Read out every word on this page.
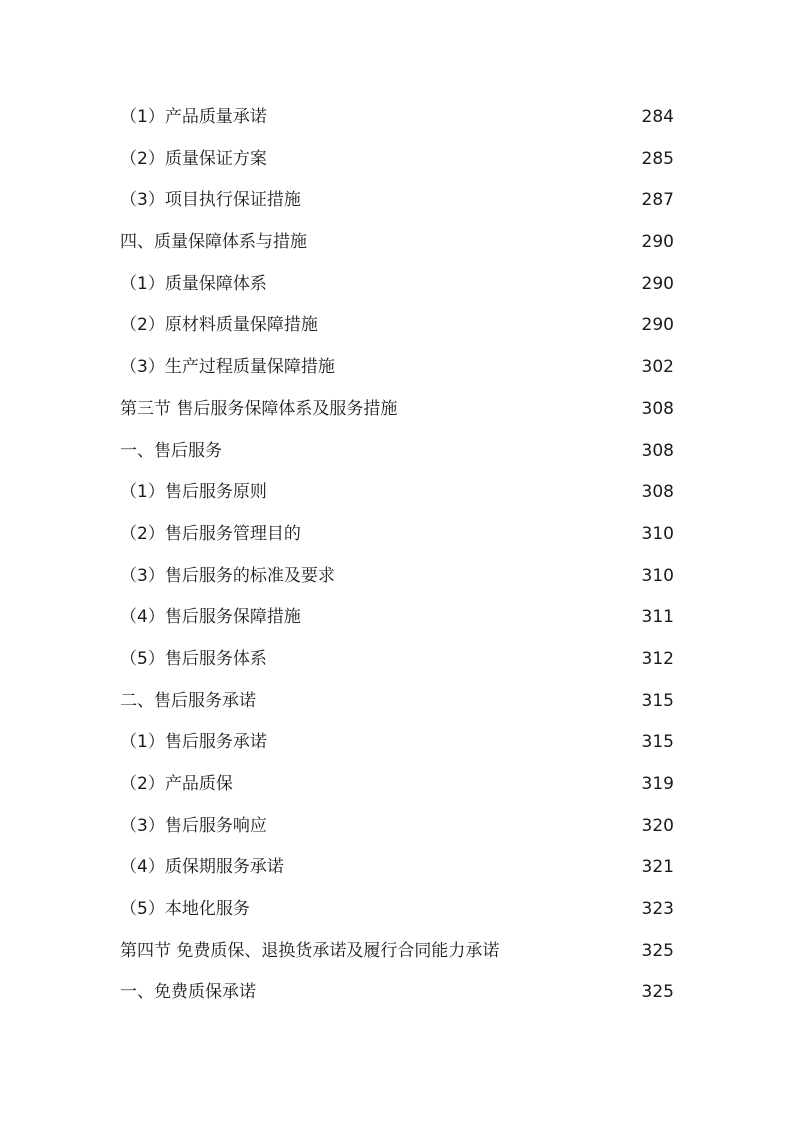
（1）产品质量承诺 .....	284
（2）质量保证方案 .....	285
（3）项目执行保证措施 .....	287
四、质量保障体系与措施 .....	290
（1）质量保障体系 .....	290
（2）原材料质量保障措施 .....	290
（3）生产过程质量保障措施 .....	302
第三节 售后服务保障体系及服务措施 .....	308
一、售后服务 .....	308
（1）售后服务原则 .....	308
（2）售后服务管理目的 .....	310
（3）售后服务的标准及要求 .....	310
（4）售后服务保障措施 .....	311
（5）售后服务体系 .....	312
二、售后服务承诺 .....	315
（1）售后服务承诺 .....	315
（2）产品质保 .....	319
（3）售后服务响应 .....	320
（4）质保期服务承诺 .....	321
（5）本地化服务 .....	323
第四节 免费质保、退换货承诺及履行合同能力承诺 .....	325
一、免费质保承诺 .....	325
